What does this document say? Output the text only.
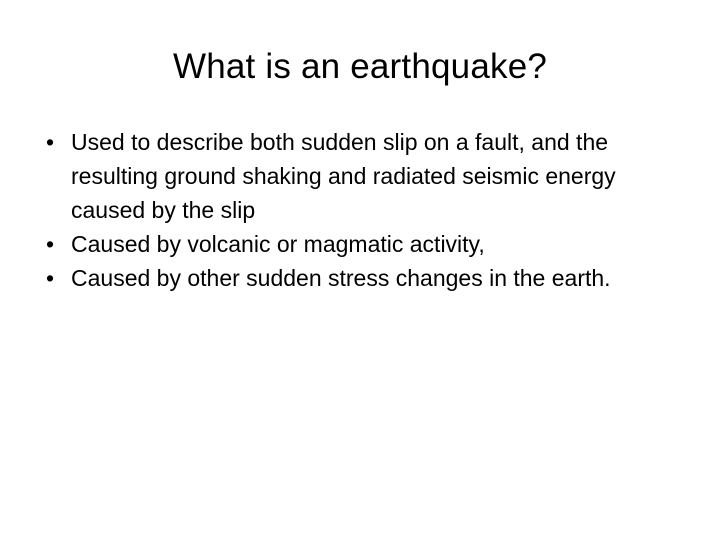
What is an earthquake?
• Used to describe both sudden slip on a fault, and the resulting ground shaking and radiated seismic energy caused by the slip
• Caused by volcanic or magmatic activity,
• Caused by other sudden stress changes in the earth.
